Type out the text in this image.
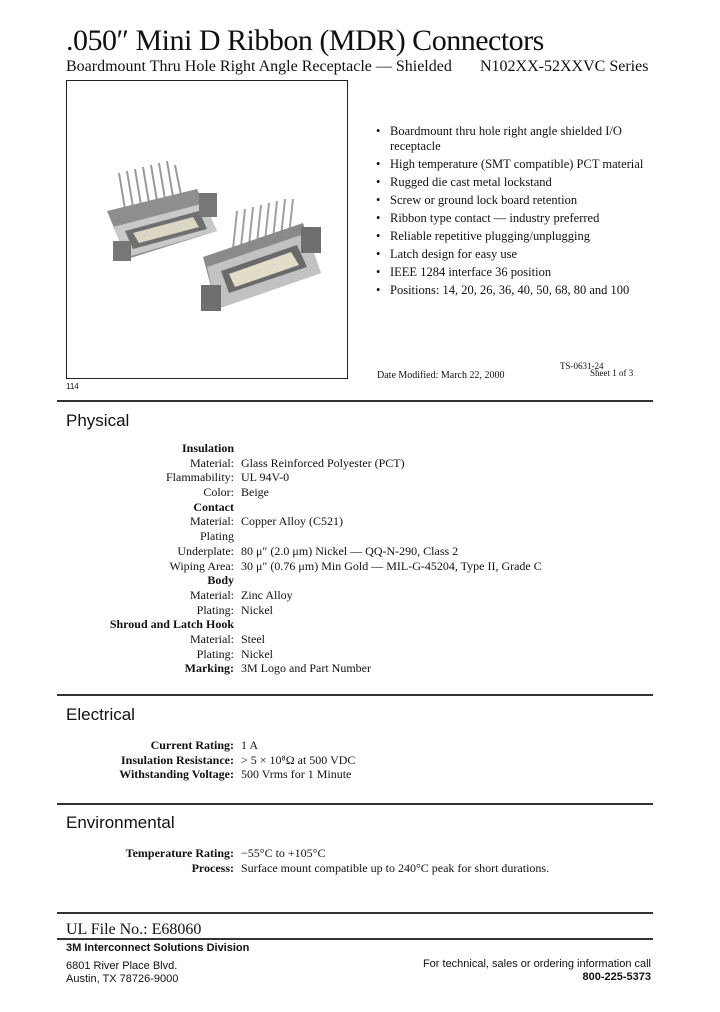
.050″ Mini D Ribbon (MDR) Connectors
Boardmount Thru Hole Right Angle Receptacle — Shielded N102XX-52XXVC Series
• Boardmount thru hole right angle shielded I/O receptacle
• High temperature (SMT compatible) PCT material
• Rugged die cast metal lockstand
• Screw or ground lock board retention
• Ribbon type contact — industry preferred
• Reliable repetitive plugging/unplugging
• Latch design for easy use
• IEEE 1284 interface 36 position
• Positions: 14, 20, 26, 36, 40, 50, 68, 80 and 100
TS-0631-24
Date Modified: March 22, 2000	Sheet 1 of 3
114
Physical
Insulation
Material: Glass Reinforced Polyester (PCT)
Flammability: UL 94V-0
Color: Beige
Contact
Material: Copper Alloy (C521)
Plating
Underplate: 80 μ″ (2.0 μm) Nickel — QQ-N-290, Class 2
Wiping Area: 30 μ″ (0.76 μm) Min Gold — MIL-G-45204, Type II, Grade C
Body
Material: Zinc Alloy
Plating: Nickel
Shroud and Latch Hook
Material: Steel
Plating: Nickel
Marking: 3M Logo and Part Number
Electrical
Current Rating: 1 A
Insulation Resistance: > 5 × 10⁸Ω at 500 VDC
Withstanding Voltage: 500 Vrms for 1 Minute
Environmental
Temperature Rating: −55°C to +105°C
Process: Surface mount compatible up to 240°C peak for short durations.
UL File No.: E68060
3M Interconnect Solutions Division
6801 River Place Blvd.
Austin, TX 78726-9000
For technical, sales or ordering information call
800-225-5373
